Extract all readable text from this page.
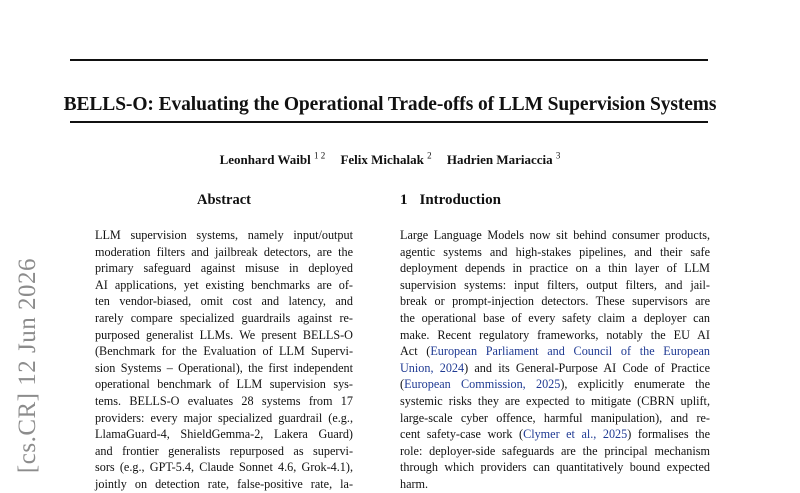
BELLS-O: Evaluating the Operational Trade-offs of LLM Supervision Systems
Leonhard Waibl $^{1 2}$ Felix Michalak $^2$ Hadrien Mariaccia $^3$
[cs.CR] 12 Jun 2026
Abstract
LLM supervision systems, namely input/output
moderation filters and jailbreak detectors, are the
primary safeguard against misuse in deployed
AI applications, yet existing benchmarks are of-
ten vendor-biased, omit cost and latency, and
rarely compare specialized guardrails against re-
purposed generalist LLMs. We present BELLS-O
(Benchmark for the Evaluation of LLM Supervi-
sion Systems – Operational), the first independent
operational benchmark of LLM supervision sys-
tems. BELLS-O evaluates 28 systems from 17
providers: every major specialized guardrail (e.g.,
LlamaGuard-4, ShieldGemma-2, Lakera Guard)
and frontier generalists repurposed as supervi-
sors (e.g., GPT-5.4, Claude Sonnet 4.6, Grok-4.1),
jointly on detection rate, false-positive rate, la-
1 Introduction
Large Language Models now sit behind consumer products,
agentic systems and high-stakes pipelines, and their safe
deployment depends in practice on a thin layer of LLM
supervision systems: input filters, output filters, and jail-
break or prompt-injection detectors. These supervisors are
the operational base of every safety claim a deployer can
make. Recent regulatory frameworks, notably the EU AI
Act (European Parliament and Council of the European
Union, 2024) and its General-Purpose AI Code of Practice
(European Commission, 2025), explicitly enumerate the
systemic risks they are expected to mitigate (CBRN uplift,
large-scale cyber offence, harmful manipulation), and re-
cent safety-case work (Clymer et al., 2025) formalises the
role: deployer-side safeguards are the principal mechanism
through which providers can quantitatively bound expected
harm.
